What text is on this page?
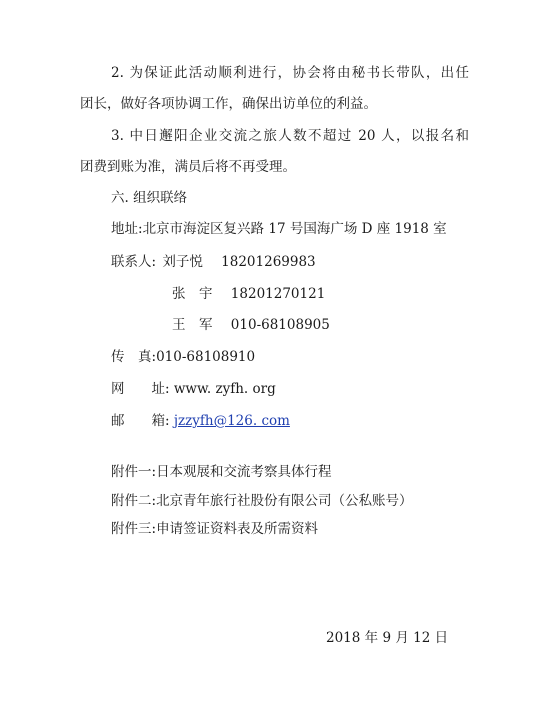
2. 为保证此活动顺利进行，协会将由秘书长带队，出任
团长，做好各项协调工作，确保出访单位的利益。
3. 中日邂阳企业交流之旅人数不超过 20 人，以报名和
团费到账为准，满员后将不再受理。
六. 组织联络
地址:北京市海淀区复兴路 17 号国海广场 D 座 1918 室
联系人: 刘子悦 18201269983
张　宇 18201270121
王　军 010-68108905
传　真:010-68108910
网　　址: www. zyfh. org
邮　　箱: jzzyfh@126. com
附件一:日本观展和交流考察具体行程
附件二:北京青年旅行社股份有限公司（公私账号）
附件三:申请签证资料表及所需资料
2018 年 9 月 12 日
